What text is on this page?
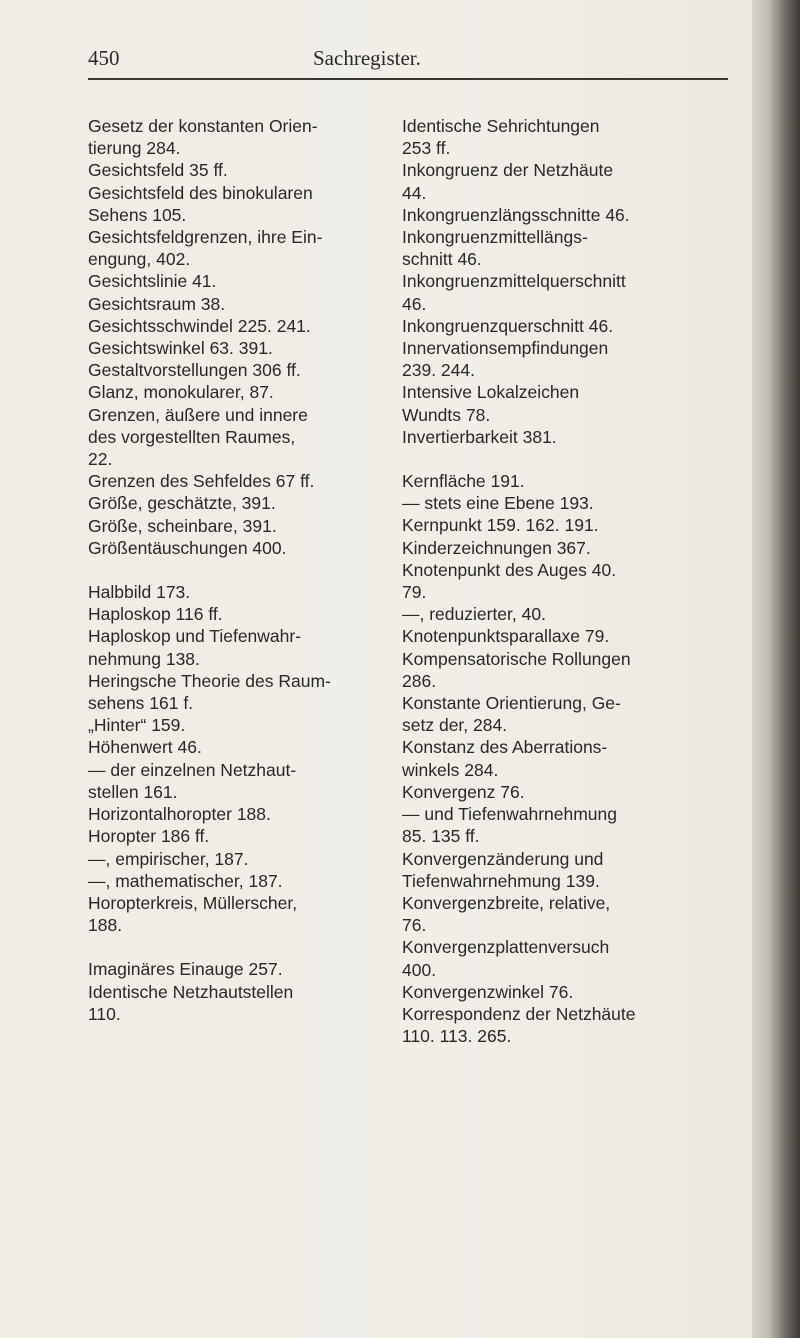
450	Sachregister.
Gesetz der konstanten Orien-
tierung 284.
Gesichtsfeld 35 ff.
Gesichtsfeld des binokularen
Sehens 105.
Gesichtsfeldgrenzen, ihre Ein-
engung, 402.
Gesichtslinie 41.
Gesichtsraum 38.
Gesichtsschwindel 225. 241.
Gesichtswinkel 63. 391.
Gestaltvorstellungen 306 ff.
Glanz, monokularer, 87.
Grenzen, äußere und innere
des vorgestellten Raumes,
22.
Grenzen des Sehfeldes 67 ff.
Größe, geschätzte, 391.
Größe, scheinbare, 391.
Größentäuschungen 400.
Halbbild 173.
Haploskop 116 ff.
Haploskop und Tiefenwahr-
nehmung 138.
Heringsche Theorie des Raum-
sehens 161 f.
„Hinter“ 159.
Höhenwert 46.
— der einzelnen Netzhaut-
stellen 161.
Horizontalhoropter 188.
Horopter 186 ff.
—, empirischer, 187.
—, mathematischer, 187.
Horopterkreis, Müllerscher,
188.
Imaginäres Einauge 257.
Identische Netzhautstellen
110.
Identische Sehrichtungen
253 ff.
Inkongruenz der Netzhäute
44.
Inkongruenzlängsschnitte 46.
Inkongruenzmittellängs-
schnitt 46.
Inkongruenzmittelquerschnitt
46.
Inkongruenzquerschnitt 46.
Innervationsempfindungen
239. 244.
Intensive Lokalzeichen
Wundts 78.
Invertierbarkeit 381.
Kernfläche 191.
— stets eine Ebene 193.
Kernpunkt 159. 162. 191.
Kinderzeichnungen 367.
Knotenpunkt des Auges 40.
79.
—, reduzierter, 40.
Knotenpunktsparallaxe 79.
Kompensatorische Rollungen
286.
Konstante Orientierung, Ge-
setz der, 284.
Konstanz des Aberrations-
winkels 284.
Konvergenz 76.
— und Tiefenwahrnehmung
85. 135 ff.
Konvergenzänderung und
Tiefenwahrnehmung 139.
Konvergenzbreite, relative,
76.
Konvergenzplattenversuch
400.
Konvergenzwinkel 76.
Korrespondenz der Netzhäute
110. 113. 265.
